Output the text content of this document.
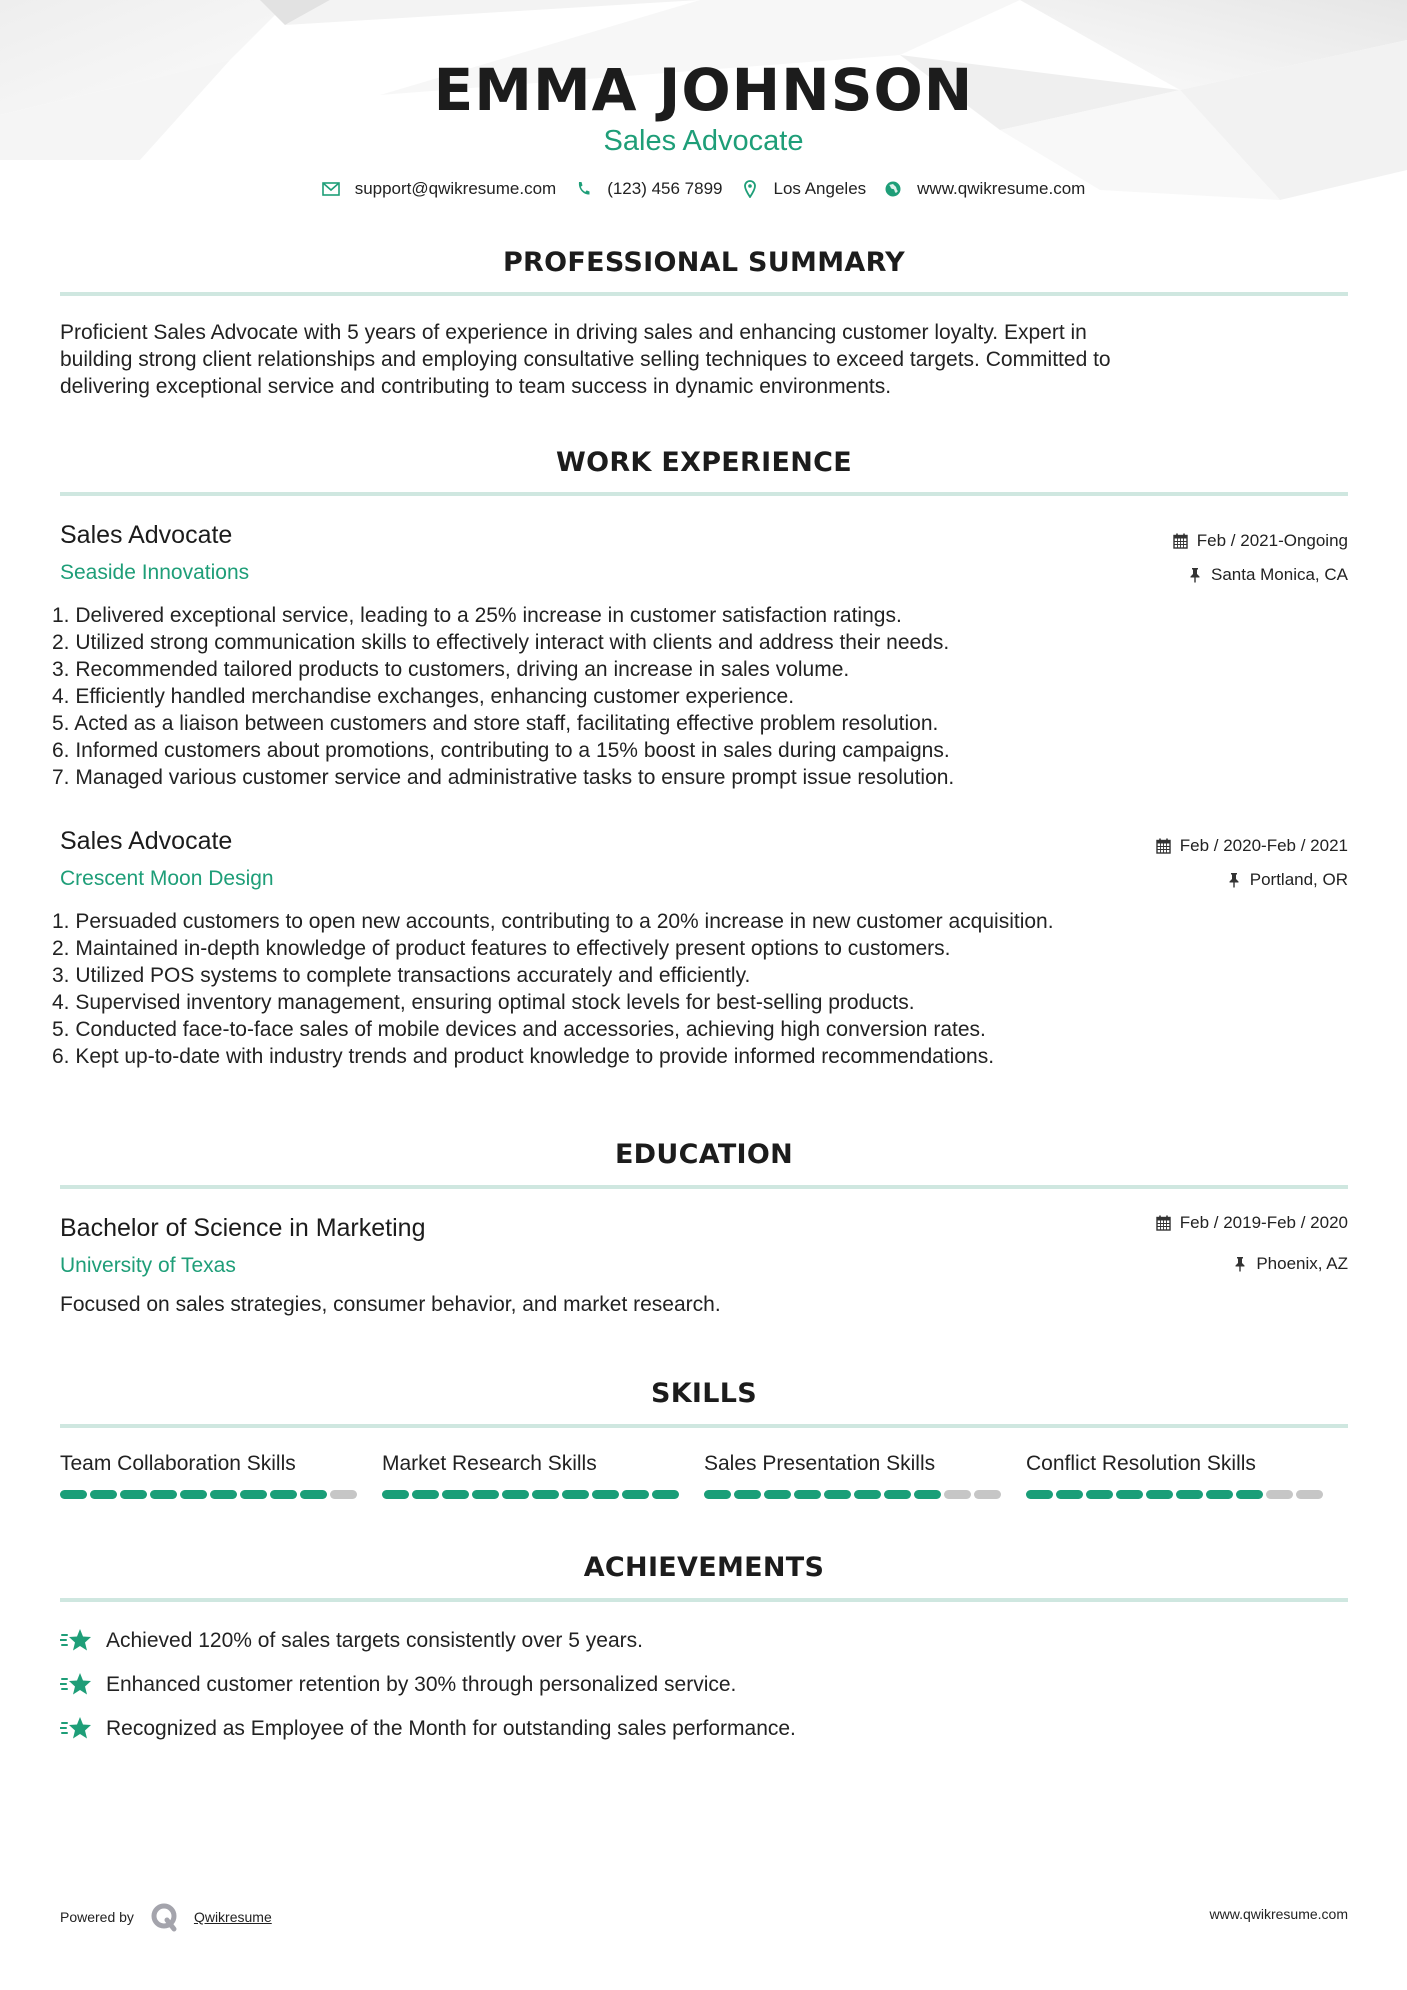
EMMA JOHNSON
Sales Advocate
support@qwikresume.com	(123) 456 7899	Los Angeles	www.qwikresume.com
PROFESSIONAL SUMMARY
Proficient Sales Advocate with 5 years of experience in driving sales and enhancing customer loyalty. Expert in
building strong client relationships and employing consultative selling techniques to exceed targets. Committed to
delivering exceptional service and contributing to team success in dynamic environments.
WORK EXPERIENCE
Sales Advocate
Seaside Innovations
Feb / 2021-Ongoing
Santa Monica, CA
1. Delivered exceptional service, leading to a 25% increase in customer satisfaction ratings.
2. Utilized strong communication skills to effectively interact with clients and address their needs.
3. Recommended tailored products to customers, driving an increase in sales volume.
4. Efficiently handled merchandise exchanges, enhancing customer experience.
5. Acted as a liaison between customers and store staff, facilitating effective problem resolution.
6. Informed customers about promotions, contributing to a 15% boost in sales during campaigns.
7. Managed various customer service and administrative tasks to ensure prompt issue resolution.
Sales Advocate
Crescent Moon Design
Feb / 2020-Feb / 2021
Portland, OR
1. Persuaded customers to open new accounts, contributing to a 20% increase in new customer acquisition.
2. Maintained in-depth knowledge of product features to effectively present options to customers.
3. Utilized POS systems to complete transactions accurately and efficiently.
4. Supervised inventory management, ensuring optimal stock levels for best-selling products.
5. Conducted face-to-face sales of mobile devices and accessories, achieving high conversion rates.
6. Kept up-to-date with industry trends and product knowledge to provide informed recommendations.
EDUCATION
Bachelor of Science in Marketing
University of Texas
Feb / 2019-Feb / 2020
Phoenix, AZ
Focused on sales strategies, consumer behavior, and market research.
SKILLS
Team Collaboration Skills	Market Research Skills	Sales Presentation Skills	Conflict Resolution Skills
ACHIEVEMENTS
Achieved 120% of sales targets consistently over 5 years.
Enhanced customer retention by 30% through personalized service.
Recognized as Employee of the Month for outstanding sales performance.
Powered by	Qwikresume	www.qwikresume.com
